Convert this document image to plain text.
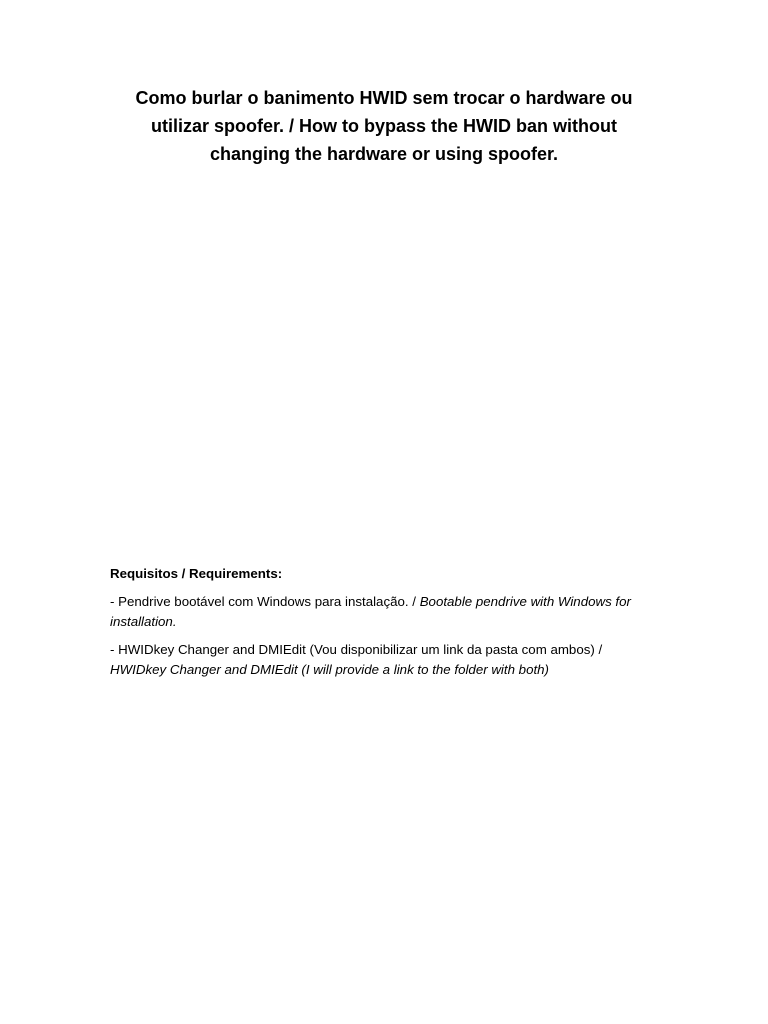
Como burlar o banimento HWID sem trocar o hardware ou utilizar spoofer. / How to bypass the HWID ban without changing the hardware or using spoofer.

Requisitos / Requirements:

- Pendrive bootável com Windows para instalação. / Bootable pendrive with Windows for installation.

- HWIDkey Changer and DMIEdit (Vou disponibilizar um link da pasta com ambos) / HWIDkey Changer and DMIEdit (I will provide a link to the folder with both)
